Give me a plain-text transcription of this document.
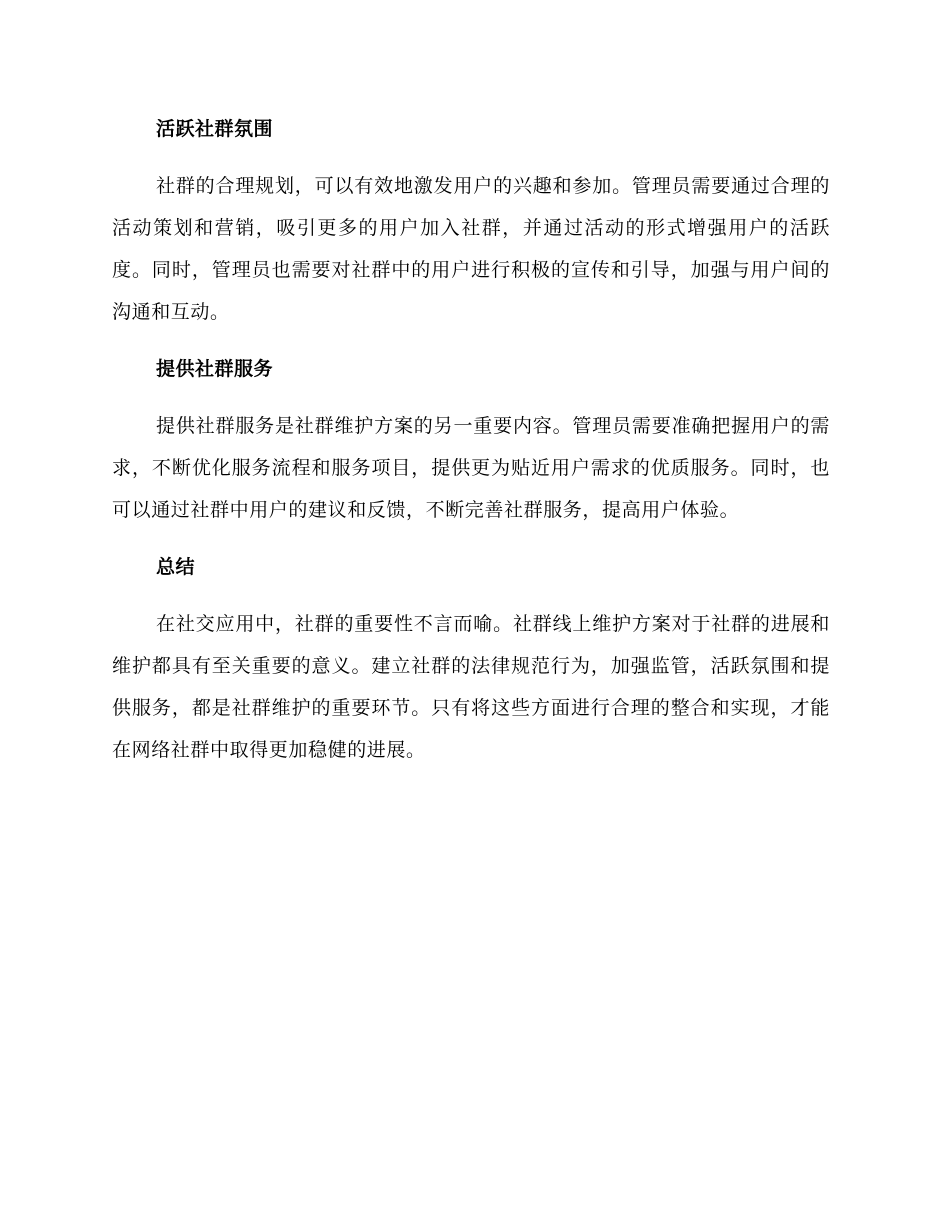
活跃社群氛围

社群的合理规划，可以有效地激发用户的兴趣和参加。管理员需要通过合理的活动策划和营销，吸引更多的用户加入社群，并通过活动的形式增强用户的活跃度。同时，管理员也需要对社群中的用户进行积极的宣传和引导，加强与用户间的沟通和互动。

提供社群服务

提供社群服务是社群维护方案的另一重要内容。管理员需要准确把握用户的需求，不断优化服务流程和服务项目，提供更为贴近用户需求的优质服务。同时，也可以通过社群中用户的建议和反馈，不断完善社群服务，提高用户体验。

总结

在社交应用中，社群的重要性不言而喻。社群线上维护方案对于社群的进展和维护都具有至关重要的意义。建立社群的法律规范行为，加强监管，活跃氛围和提供服务，都是社群维护的重要环节。只有将这些方面进行合理的整合和实现，才能在网络社群中取得更加稳健的进展。
